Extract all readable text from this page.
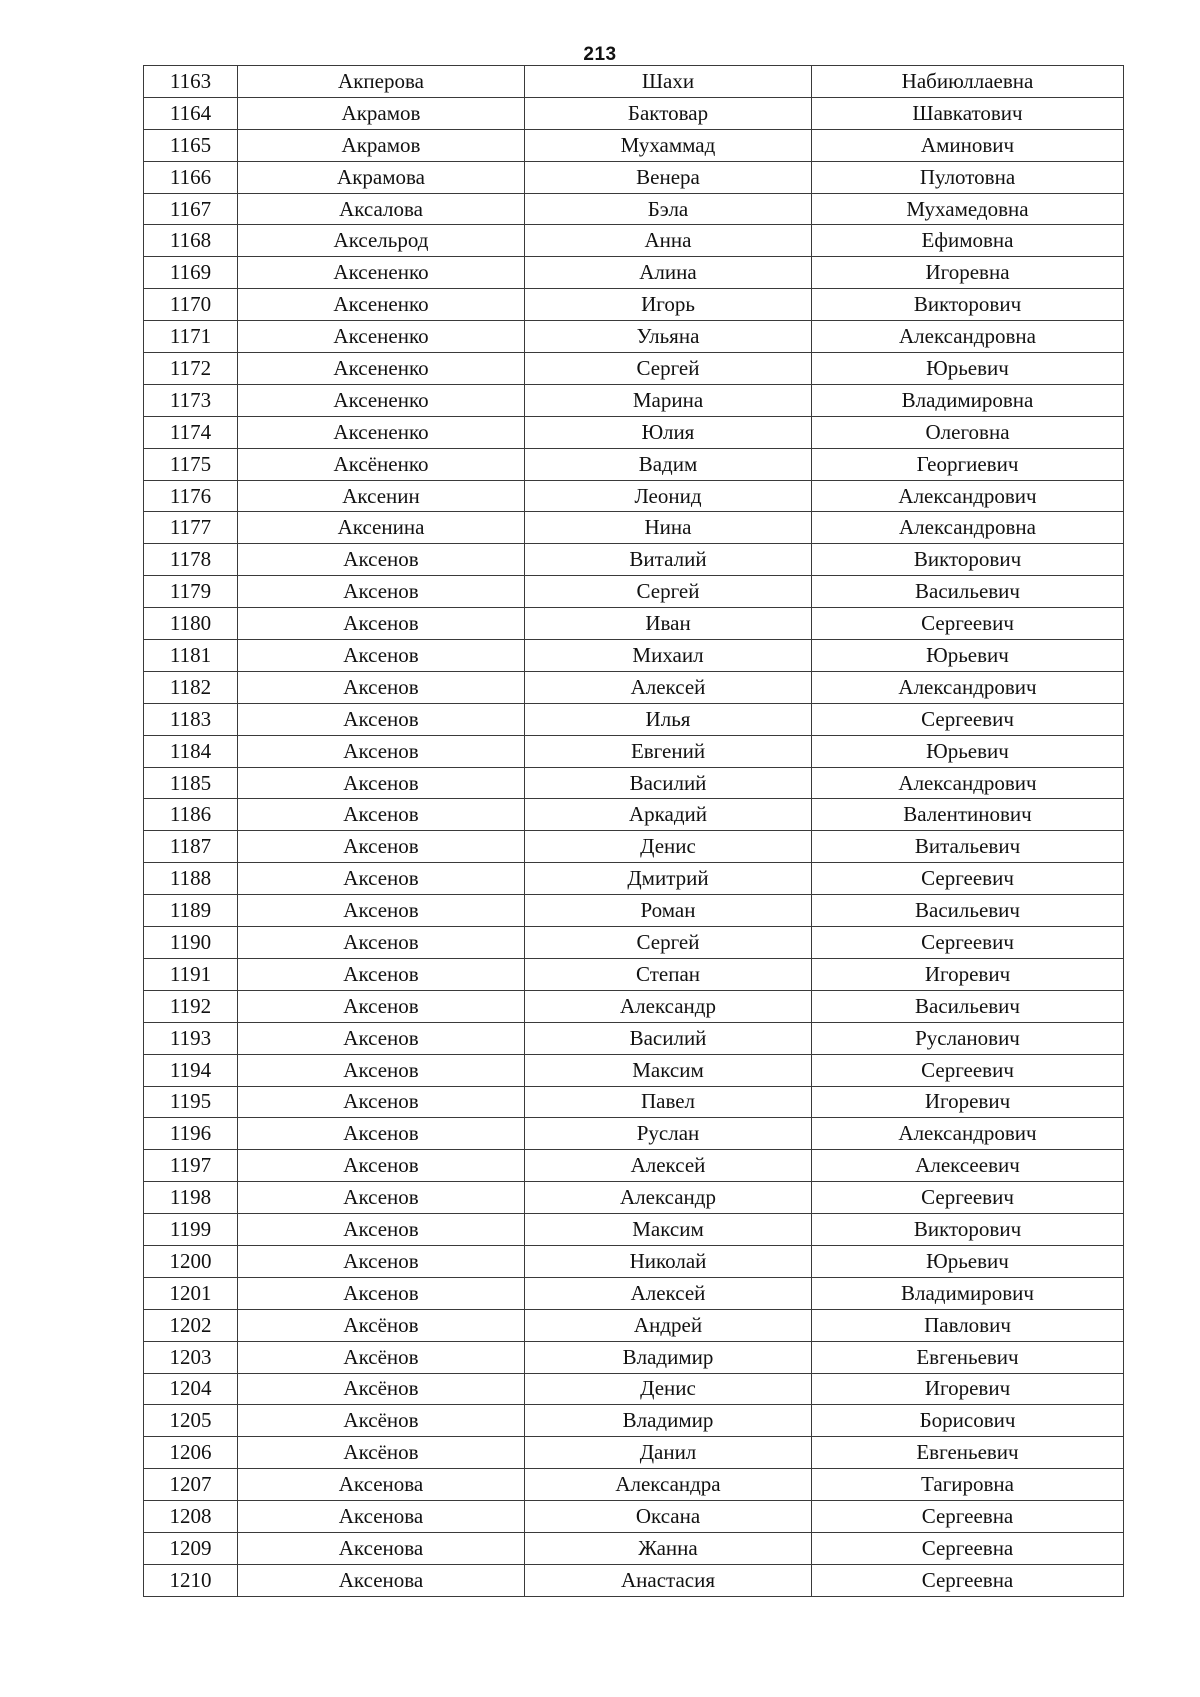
213
1163	Акперова	Шахи	Набиюллаевна
1164	Акрамов	Бактовар	Шавкатович
1165	Акрамов	Мухаммад	Аминович
1166	Акрамова	Венера	Пулотовна
1167	Аксалова	Бэла	Мухамедовна
1168	Аксельрод	Анна	Ефимовна
1169	Аксененко	Алина	Игоревна
1170	Аксененко	Игорь	Викторович
1171	Аксененко	Ульяна	Александровна
1172	Аксененко	Сергей	Юрьевич
1173	Аксененко	Марина	Владимировна
1174	Аксененко	Юлия	Олеговна
1175	Аксёненко	Вадим	Георгиевич
1176	Аксенин	Леонид	Александрович
1177	Аксенина	Нина	Александровна
1178	Аксенов	Виталий	Викторович
1179	Аксенов	Сергей	Васильевич
1180	Аксенов	Иван	Сергеевич
1181	Аксенов	Михаил	Юрьевич
1182	Аксенов	Алексей	Александрович
1183	Аксенов	Илья	Сергеевич
1184	Аксенов	Евгений	Юрьевич
1185	Аксенов	Василий	Александрович
1186	Аксенов	Аркадий	Валентинович
1187	Аксенов	Денис	Витальевич
1188	Аксенов	Дмитрий	Сергеевич
1189	Аксенов	Роман	Васильевич
1190	Аксенов	Сергей	Сергеевич
1191	Аксенов	Степан	Игоревич
1192	Аксенов	Александр	Васильевич
1193	Аксенов	Василий	Русланович
1194	Аксенов	Максим	Сергеевич
1195	Аксенов	Павел	Игоревич
1196	Аксенов	Руслан	Александрович
1197	Аксенов	Алексей	Алексеевич
1198	Аксенов	Александр	Сергеевич
1199	Аксенов	Максим	Викторович
1200	Аксенов	Николай	Юрьевич
1201	Аксенов	Алексей	Владимирович
1202	Аксёнов	Андрей	Павлович
1203	Аксёнов	Владимир	Евгеньевич
1204	Аксёнов	Денис	Игоревич
1205	Аксёнов	Владимир	Борисович
1206	Аксёнов	Данил	Евгеньевич
1207	Аксенова	Александра	Тагировна
1208	Аксенова	Оксана	Сергеевна
1209	Аксенова	Жанна	Сергеевна
1210	Аксенова	Анастасия	Сергеевна
